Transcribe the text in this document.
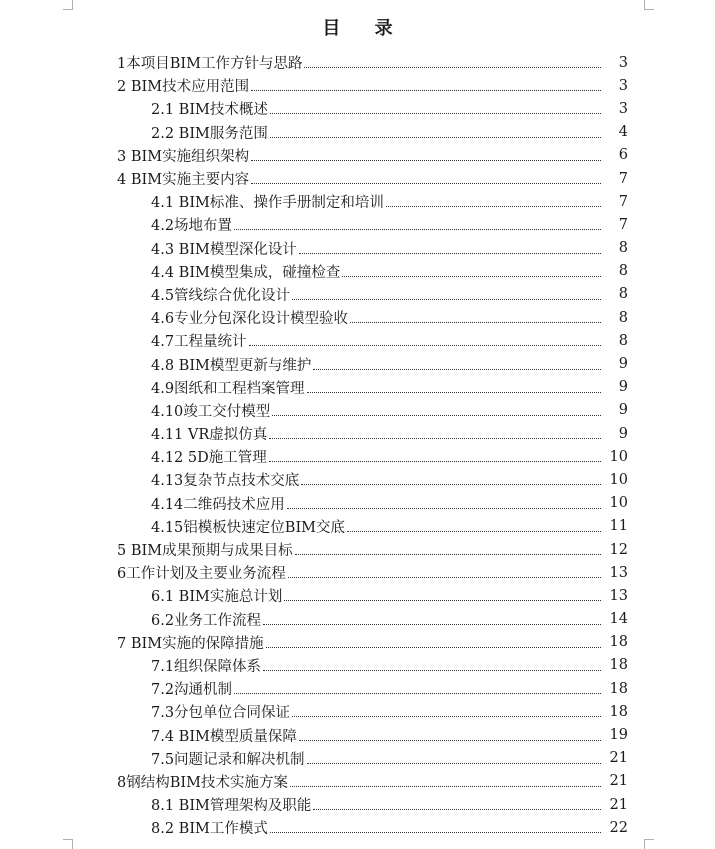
目 录
1本项目BIM工作方针与思路	3
2 BIM技术应用范围	3
2.1 BIM技术概述	3
2.2 BIM服务范围	4
3 BIM实施组织架构	6
4 BIM实施主要内容	7
4.1 BIM标准、操作手册制定和培训	7
4.2场地布置	7
4.3 BIM模型深化设计	8
4.4 BIM模型集成，碰撞检查	8
4.5管线综合优化设计	8
4.6专业分包深化设计模型验收	8
4.7工程量统计	8
4.8 BIM模型更新与维护	9
4.9图纸和工程档案管理	9
4.10竣工交付模型	9
4.11 VR虚拟仿真	9
4.12 5D施工管理	10
4.13复杂节点技术交底	10
4.14二维码技术应用	10
4.15铝模板快速定位BIM交底	11
5 BIM成果预期与成果目标	12
6工作计划及主要业务流程	13
6.1 BIM实施总计划	13
6.2业务工作流程	14
7 BIM实施的保障措施	18
7.1组织保障体系	18
7.2沟通机制	18
7.3分包单位合同保证	18
7.4 BIM模型质量保障	19
7.5问题记录和解决机制	21
8钢结构BIM技术实施方案	21
8.1 BIM管理架构及职能	21
8.2 BIM工作模式	22
